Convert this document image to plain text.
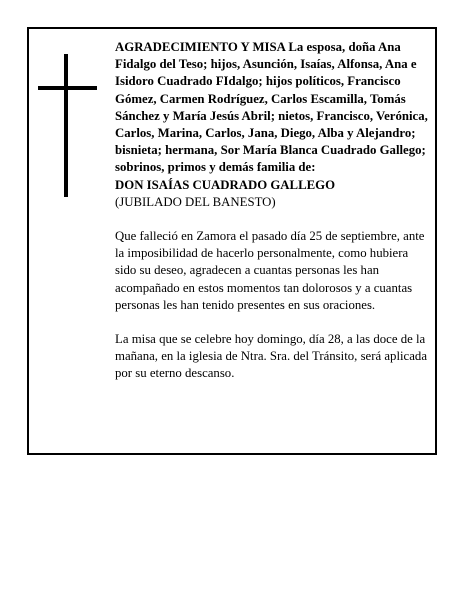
AGRADECIMIENTO Y MISA La esposa, doña Ana Fidalgo del Teso; hijos, Asunción, Isaías, Alfonsa, Ana e Isidoro Cuadrado FIdalgo; hijos políticos, Francisco Gómez, Carmen Rodríguez, Carlos Escamilla, Tomás Sánchez y María Jesús Abril; nietos, Francisco, Verónica, Carlos, Marina, Carlos, Jana, Diego, Alba y Alejandro; bisnieta; hermana, Sor María Blanca Cuadrado Gallego; sobrinos, primos y demás familia de:

DON ISAÍAS CUADRADO GALLEGO

(JUBILADO DEL BANESTO)

Que falleció en Zamora el pasado día 25 de septiembre, ante la imposibilidad de hacerlo personalmente, como hubiera sido su deseo, agradecen a cuantas personas les han acompañado en estos momentos tan dolorosos y a cuantas personas les han tenido presentes en sus oraciones.

La misa que se celebre hoy domingo, día 28, a las doce de la mañana, en la iglesia de Ntra. Sra. del Tránsito, será aplicada por su eterno descanso.
